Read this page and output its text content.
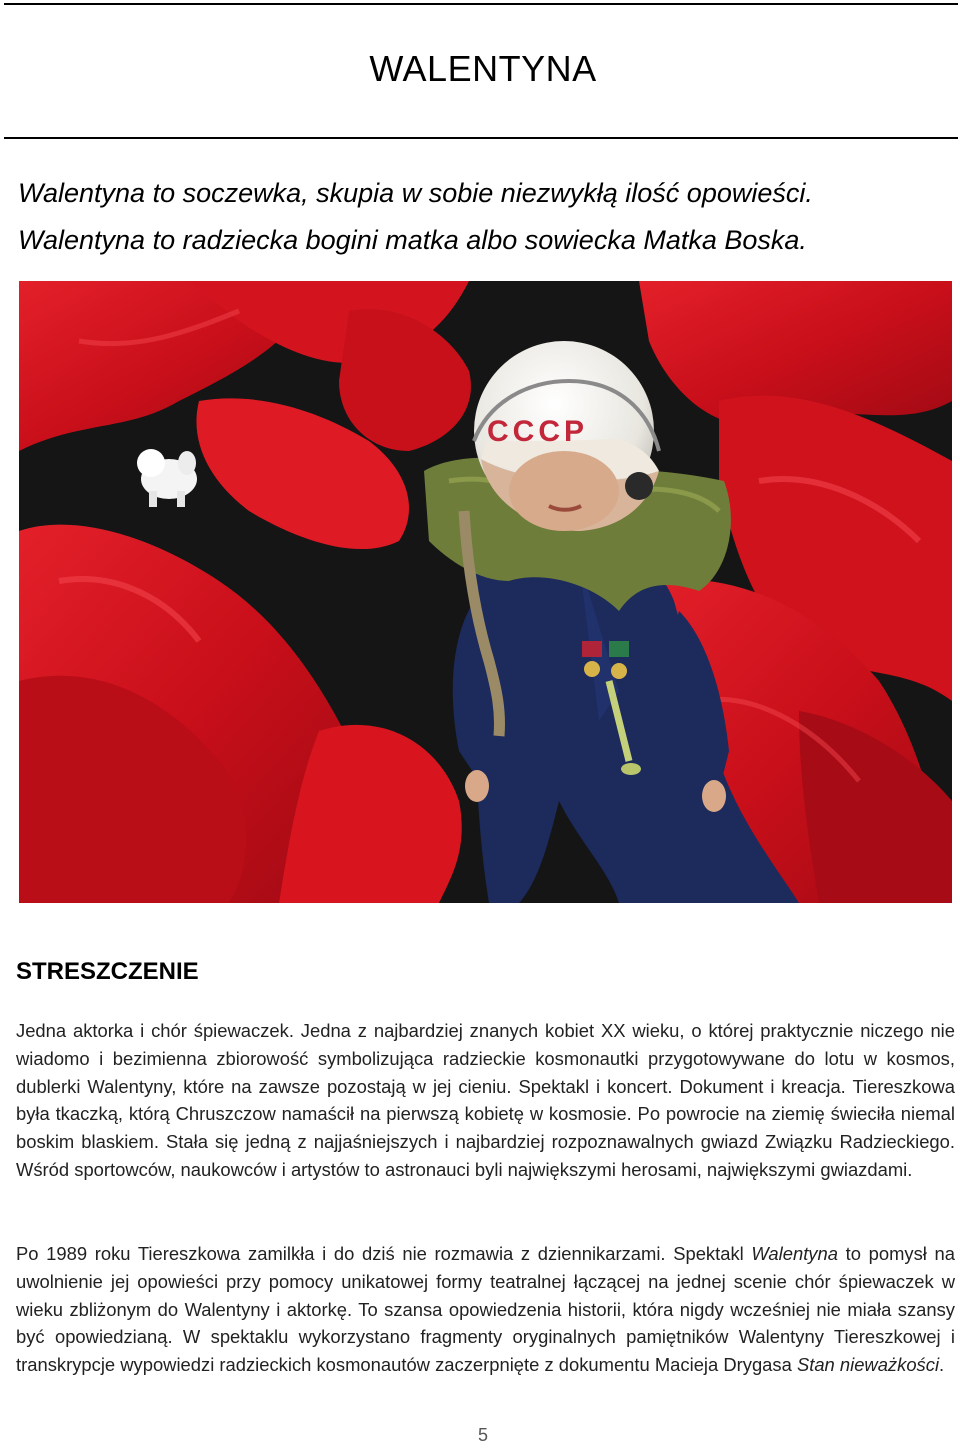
WALENTYNA
Walentyna to soczewka, skupia w sobie niezwykłą ilość opowieści.
Walentyna to radziecka bogini matka albo sowiecka Matka Boska.
CCCP
STRESZCZENIE

Jedna aktorka i chór śpiewaczek. Jedna z najbardziej znanych kobiet XX wieku, o której praktycznie niczego nie wiadomo i bezimienna zbiorowość symbolizująca radzieckie kosmonautki przygotowywane do lotu w kosmos, dublerki Walentyny, które na zawsze pozostają w jej cieniu. Spektakl i koncert. Dokument i kreacja. Tiereszkowa była tkaczką, którą Chruszczow namaścił na pierwszą kobietę w kosmosie. Po powrocie na ziemię świeciła niemal boskim blaskiem. Stała się jedną z najjaśniejszych i najbardziej rozpoznawalnych gwiazd Związku Radzieckiego. Wśród sportowców, naukowców i artystów to astronauci byli największymi herosami, największymi gwiazdami.

Po 1989 roku Tiereszkowa zamilkła i do dziś nie rozmawia z dziennikarzami. Spektakl Walentyna to pomysł na uwolnienie jej opowieści przy pomocy unikatowej formy teatralnej łączącej na jednej scenie chór śpiewaczek w wieku zbliżonym do Walentyny i aktorkę. To szansa opowiedzenia historii, która nigdy wcześniej nie miała szansy być opowiedzianą. W spektaklu wykorzystano fragmenty oryginalnych pamiętników Walentyny Tiereszkowej i transkrypcje wypowiedzi radzieckich kosmonautów zaczerpnięte z dokumentu Macieja Drygasa Stan nieważkości.

5
